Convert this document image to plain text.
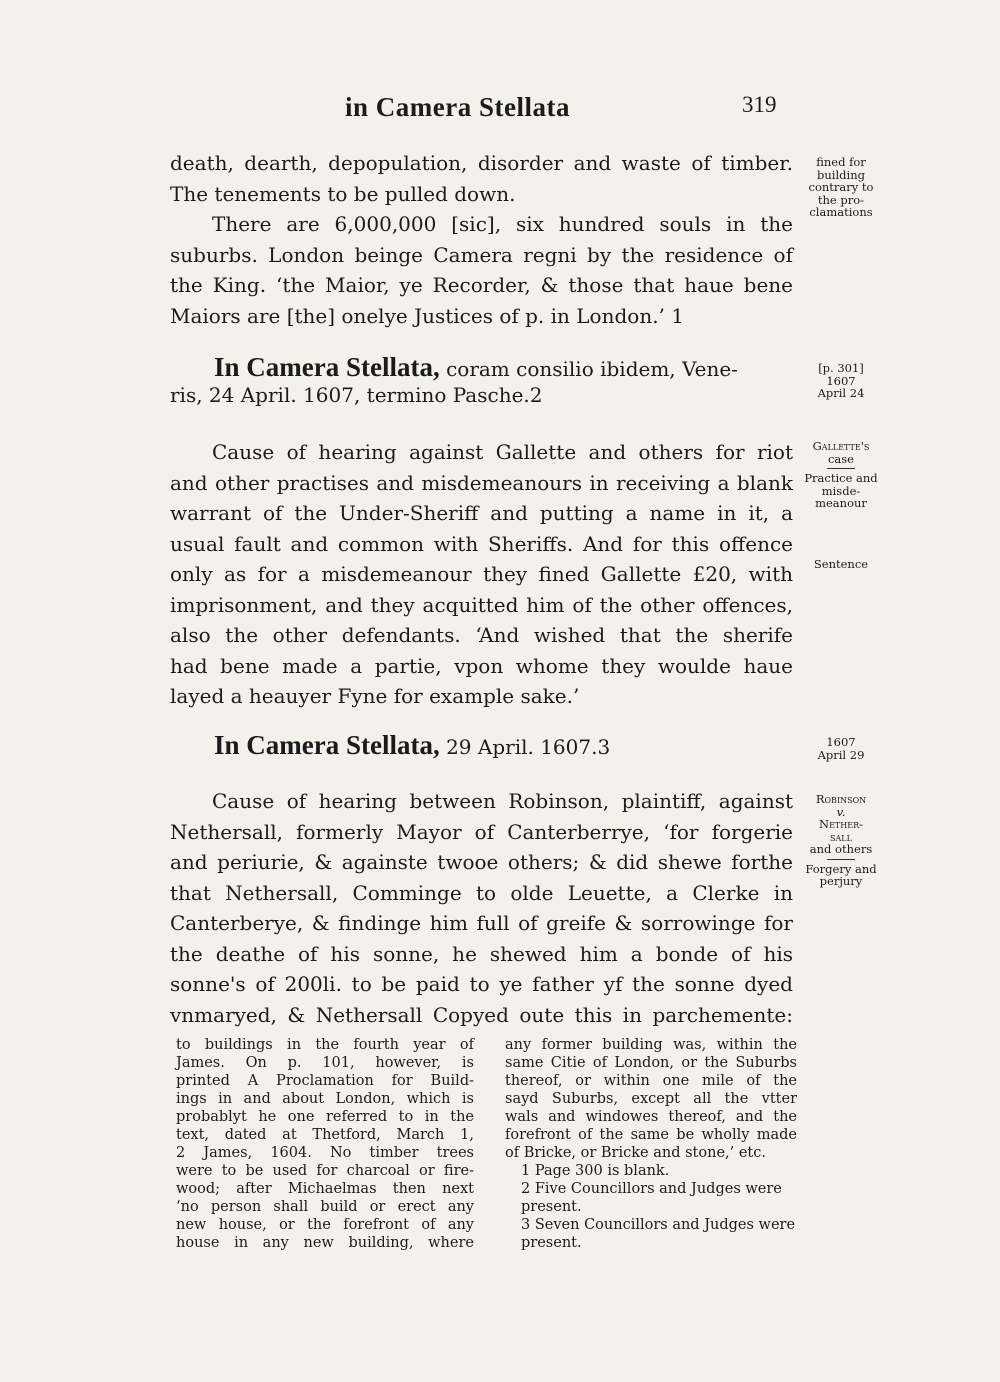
in Camera Stellata	319
death, dearth, depopulation, disorder and waste of timber.
The tenements to be pulled down.
There are 6,000,000 [sic], six hundred souls in the
suburbs. London beinge Camera regni by the residence of
the King. ‘the Maior, ye Recorder, & those that haue bene
Maiors are [the] onelye Justices of p. in London.’ 1
In Camera Stellata, coram consilio ibidem, Vene-
ris, 24 April. 1607, termino Pasche.2
Cause of hearing against Gallette and others for riot
and other practises and misdemeanours in receiving a blank
warrant of the Under-Sheriff and putting a name in it, a
usual fault and common with Sheriffs. And for this offence
only as for a misdemeanour they fined Gallette £20, with
imprisonment, and they acquitted him of the other offences,
also the other defendants. ‘And wished that the sherife
had bene made a partie, vpon whome they woulde haue
layed a heauyer Fyne for example sake.’
In Camera Stellata, 29 April. 1607.3
Cause of hearing between Robinson, plaintiff, against
Nethersall, formerly Mayor of Canterberrye, ‘for forgerie
and periurie, & againste twooe others; & did shewe forthe
that Nethersall, Comminge to olde Leuette, a Clerke in
Canterberye, & findinge him full of greife & sorrowinge for
the deathe of his sonne, he shewed him a bonde of his
sonne's of 200li. to be paid to ye father yf the sonne dyed
vnmaryed, & Nethersall Copyed oute this in parchemente:
fined for
building
contrary to
the pro-
clamations
[p. 301]
1607
April 24
Gallette's
case
Practice and
misde-
meanour
Sentence
1607
April 29
Robinson
v.
Nether-
sall
and others
Forgery and
perjury
to buildings in the fourth year of
James. On p. 101, however, is
printed A Proclamation for Build-
ings in and about London, which is
probablyt he one referred to in the
text, dated at Thetford, March 1,
2 James, 1604. No timber trees
were to be used for charcoal or fire-
wood; after Michaelmas then next
‘no person shall build or erect any
new house, or the forefront of any
house in any new building, where
any former building was, within the
same Citie of London, or the Suburbs
thereof, or within one mile of the
sayd Suburbs, except all the vtter
wals and windowes thereof, and the
forefront of the same be wholly made
of Bricke, or Bricke and stone,’ etc.

1 Page 300 is blank.

2 Five Councillors and Judges were present.

3 Seven Councillors and Judges were present.
